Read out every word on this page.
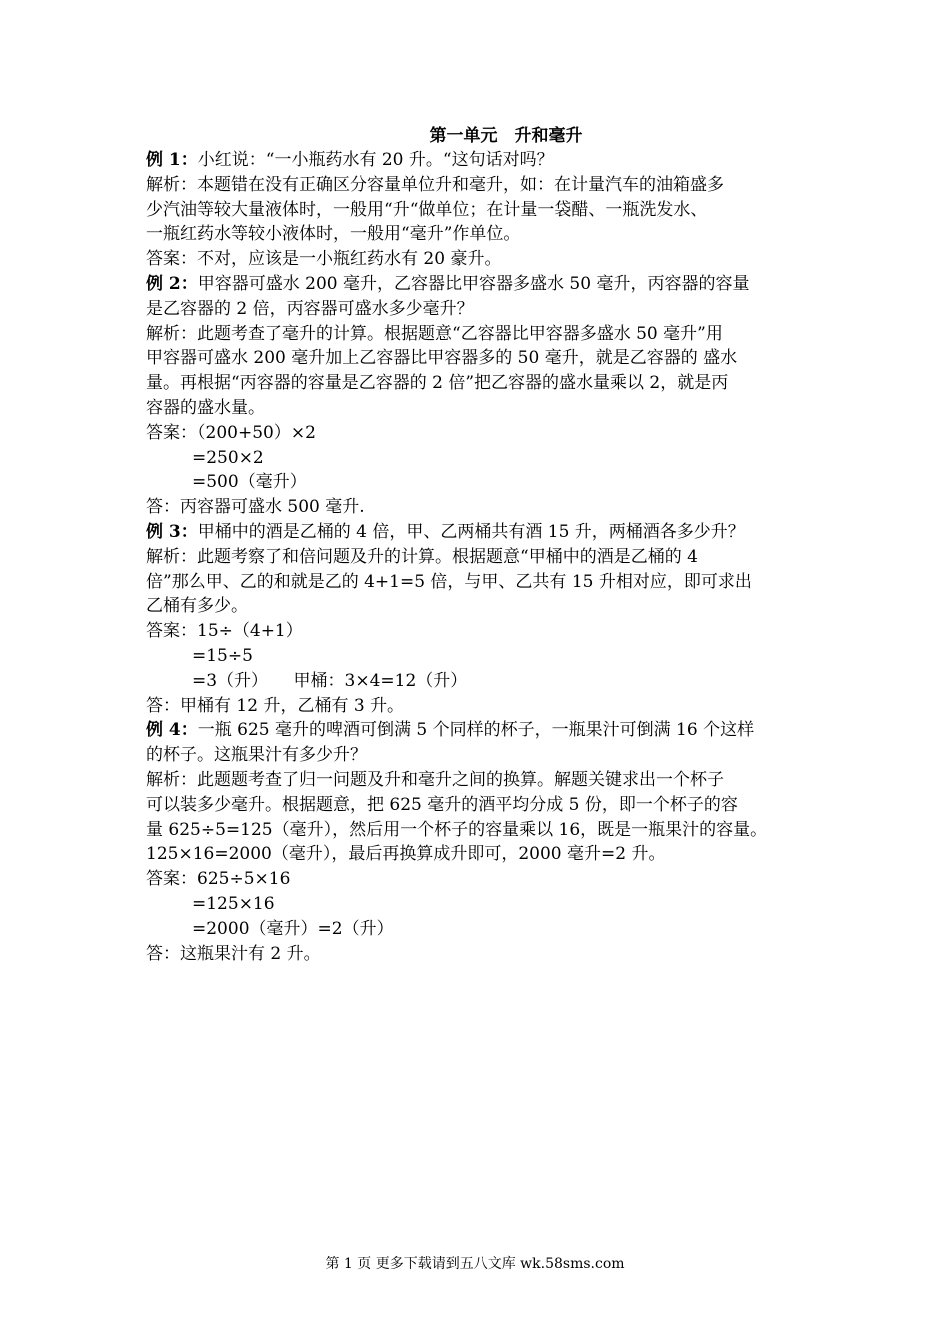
第一单元　升和毫升
例 1：小红说：“一小瓶药水有 20 升。“这句话对吗？
解析：本题错在没有正确区分容量单位升和毫升，如：在计量汽车的油箱盛多
少汽油等较大量液体时，一般用“升“做单位；在计量一袋醋、一瓶洗发水、
一瓶红药水等较小液体时，一般用“毫升”作单位。
答案：不对，应该是一小瓶红药水有 20 豪升。
例 2：甲容器可盛水 200 毫升，乙容器比甲容器多盛水 50 毫升，丙容器的容量
是乙容器的 2 倍，丙容器可盛水多少毫升？
解析：此题考查了毫升的计算。根据题意“乙容器比甲容器多盛水 50 毫升”用
甲容器可盛水 200 毫升加上乙容器比甲容器多的 50 毫升，就是乙容器的 盛水
量。再根据“丙容器的容量是乙容器的 2 倍”把乙容器的盛水量乘以 2，就是丙
容器的盛水量。
答案：（200+50）×2
=250×2
=500（毫升）
答：丙容器可盛水 500 毫升.
例 3：甲桶中的酒是乙桶的 4 倍，甲、乙两桶共有酒 15 升，两桶酒各多少升？
解析：此题考察了和倍问题及升的计算。根据题意“甲桶中的酒是乙桶的 4
倍”那么甲、乙的和就是乙的 4+1=5 倍，与甲、乙共有 15 升相对应，即可求出
乙桶有多少。
答案：15÷（4+1）
=15÷5
=3（升）　　甲桶：3×4=12（升）
答：甲桶有 12 升，乙桶有 3 升。
例 4：一瓶 625 毫升的啤酒可倒满 5 个同样的杯子，一瓶果汁可倒满 16 个这样
的杯子。这瓶果汁有多少升？
解析：此题题考查了归一问题及升和毫升之间的换算。解题关键求出一个杯子
可以装多少毫升。根据题意，把 625 毫升的酒平均分成 5 份，即一个杯子的容
量 625÷5=125（毫升），然后用一个杯子的容量乘以 16，既是一瓶果汁的容量。
125×16=2000（毫升），最后再换算成升即可，2000 毫升=2 升。
答案：625÷5×16
=125×16
=2000（毫升）=2（升）
答：这瓶果汁有 2 升。
第 1 页 更多下载请到五八文库 wk.58sms.com
